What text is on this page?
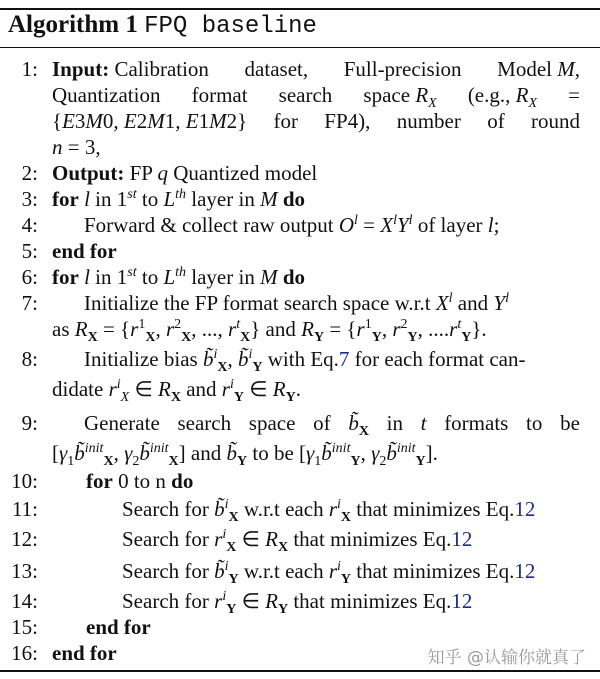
Algorithm 1 FPQ baseline
1: Input: Calibration dataset, Full-precision Model M,
Quantization format search space $R_X$ (e.g., $R_X$ =
{E3M0, E2M1, E1M2} for FP4), number of round
n = 3,
2: Output: FP q Quantized model
3: for l in 1st to Lth layer in M do
4: Forward & collect raw output $O^l = X^lY^l$ of layer l;
5: end for
6: for l in 1st to Lth layer in M do
7: Initialize the FP format search space w.r.t $X^l$ and $Y^l$
as $R_X = \{r^1_X$, $r^2_X$, ..., $r^t_X$} and $R_Y = \{r^1_Y$, $r^2_Y$, $....r^t_Y$}.
8: Initialize bias b̃$^i_X$, b̃$^i_Y$ with Eq.7 for each format can-
didate $r^i_X$ ∈ $R_X$ and $r^i_Y$ ∈ $R_Y$.
9: Generate search space of $b̃_X$ in t formats to be
[$\gamma_1b̃^{init}_X$, $\gamma_2b̃^{init}_X$] and $b̃_Y$ to be [$\gamma_1b̃^{init}_Y$, $\gamma_2b̃^{init}_Y$].
10: for 0 to n do
11:	Search for b̃$^i_X$ w.r.t each $r^i_X$ that minimizes Eq.12
12:	Search for $r^i_X$ ∈ $R_X$ that minimizes Eq.12
13:	Search for b̃$^i_Y$ w.r.t each $r^i_Y$ that minimizes Eq.12
14:	Search for $r^i_Y$ ∈ $R_Y$ that minimizes Eq.12
15: end for
16: end for	知乎 @认输你就真了
